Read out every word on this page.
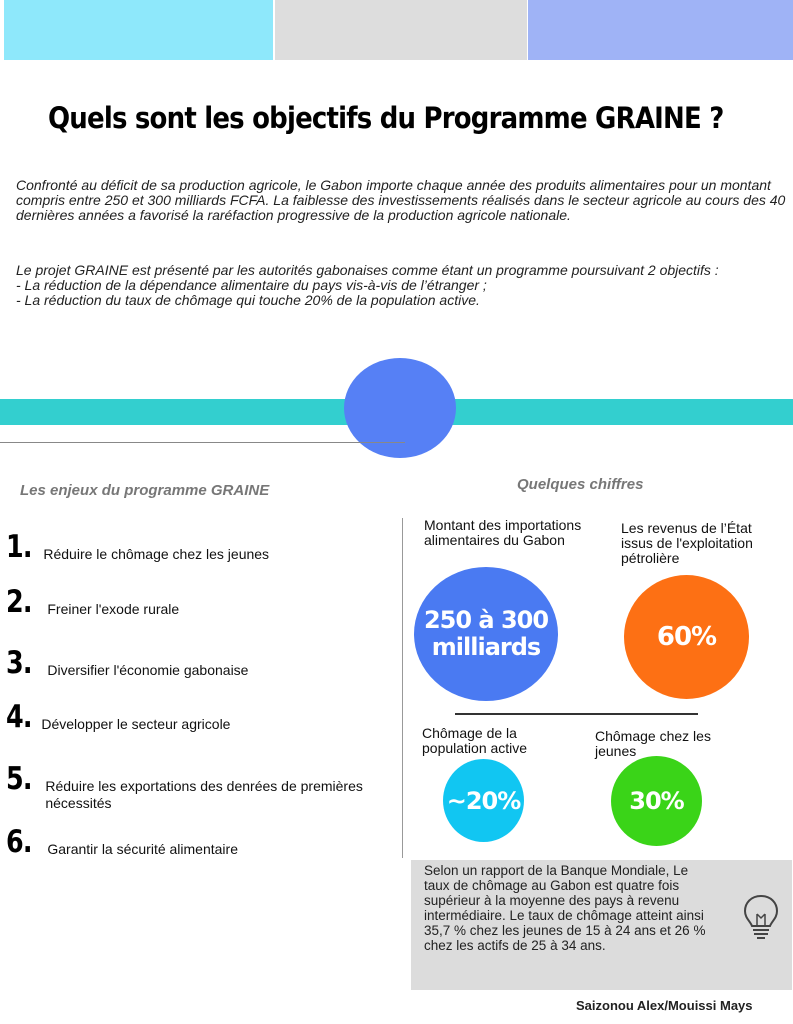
Quels sont les objectifs du Programme GRAINE ?
Confronté au déficit de sa production agricole, le Gabon importe chaque année des produits alimentaires pour un montant compris entre 250 et 300 milliards FCFA. La faiblesse des investissements réalisés dans le secteur agricole au cours des 40 dernières années a favorisé la raréfaction progressive de la production agricole nationale.
Le projet GRAINE est présenté par les autorités gabonaises comme étant un programme poursuivant 2 objectifs :
- La réduction de la dépendance alimentaire du pays vis-à-vis de l’étranger ;
- La réduction du taux de chômage qui touche 20% de la population active.
Les enjeux du programme GRAINE	Quelques chiffres
1. Réduire le chômage chez les jeunes
2. Freiner l'exode rurale
3. Diversifier l'économie gabonaise
4. Développer le secteur agricole
5. Réduire les exportations des denrées de premières nécessités
6. Garantir la sécurité alimentaire
Montant des importations alimentaires du Gabon
250 à 300 milliards
Les revenus de l’État issus de l'exploitation pétrolière
60%
Chômage de la population active
~20%
Chômage chez les jeunes
30%
Selon un rapport de la Banque Mondiale, Le taux de chômage au Gabon est quatre fois supérieur à la moyenne des pays à revenu intermédiaire. Le taux de chômage atteint ainsi 35,7 % chez les jeunes de 15 à 24 ans et 26 % chez les actifs de 25 à 34 ans.
Saizonou Alex/Mouissi Mays
